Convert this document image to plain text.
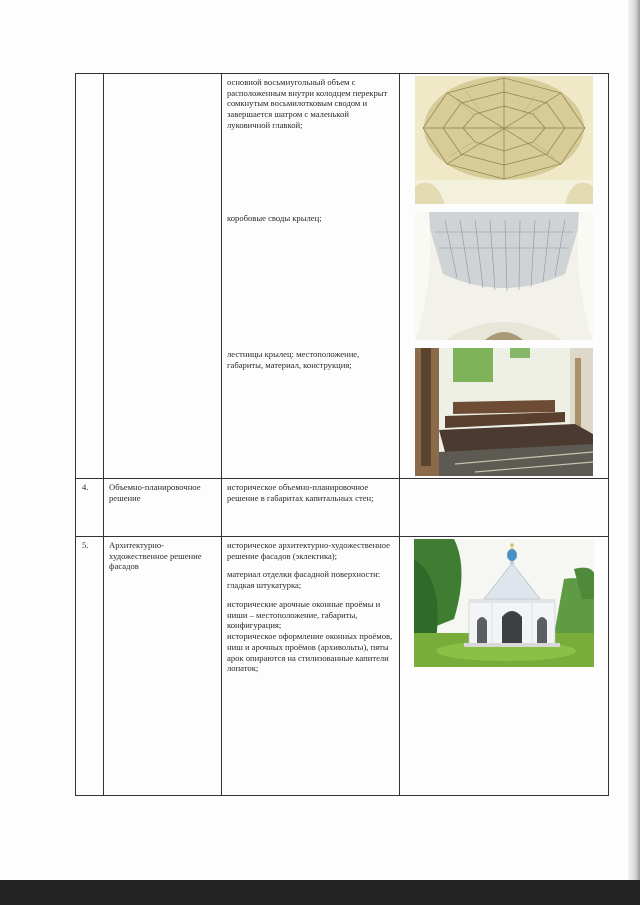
		основной восьмиугольный объем с расположенным внутри колодцем перекрыт сомкнутым восьмилотковым сводом и завершается шатром с маленькой луковичной главкой;

коробовые своды крылец;

лестницы крылец: местоположение, габариты, материал, конструкция;

4.	Объемно-планировочное решение	историческое объемно-планировочное решение в габаритах капитальных стен;	

5.	Архитектурно-художественное решение фасадов	историческое архитектурно-художественное решение фасадов (эклектика);

материал отделки фасадной поверхности: гладкая штукатурка;

исторические арочные оконные проёмы и ниши – местоположение, габариты, конфигурация;

историческое оформление оконных проёмов, ниш и арочных проёмов (архивольты), пяты арок опираются на стилизованные капители лопаток;
